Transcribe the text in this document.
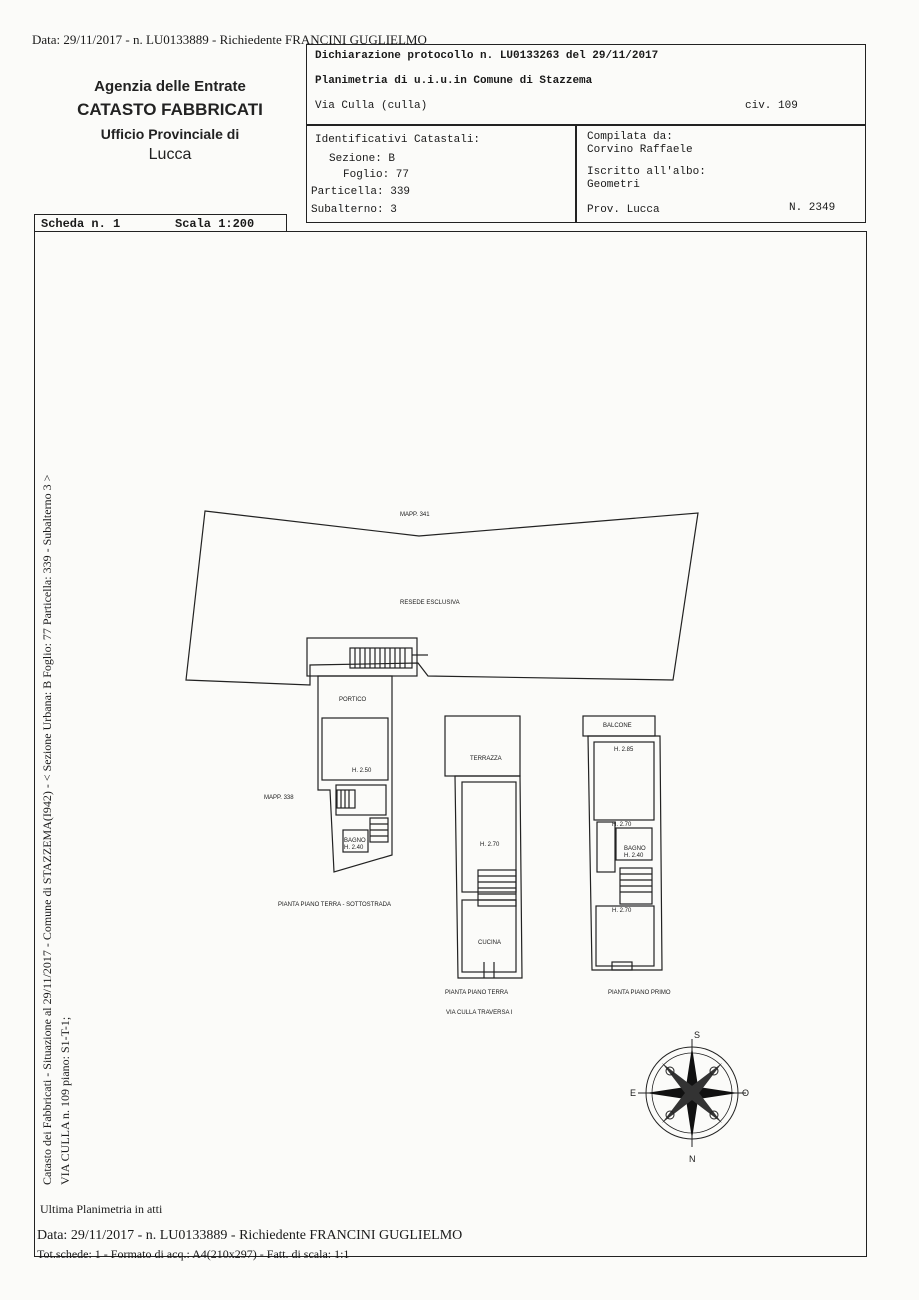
Data: 29/11/2017 - n. LU0133889 - Richiedente FRANCINI GUGLIELMO
Agenzia delle Entrate
CATASTO FABBRICATI
Ufficio Provinciale di
Lucca
Dichiarazione protocollo n. LU0133263 del 29/11/2017
Planimetria di u.i.u.in Comune di Stazzema
Via Culla (culla)	civ. 109
Identificativi Catastali:
Sezione: B
Foglio: 77
Particella: 339
Subalterno: 3
Compilata da:
Corvino Raffaele
Iscritto all'albo:
Geometri
Prov. Lucca	N. 2349
Scheda n. 1	Scala 1:200
Catasto dei Fabbricati - Situazione al 29/11/2017 - Comune di STAZZEMA(I942) - < Sezione Urbana: B Foglio: 77 Particella: 339 - Subalterno 3 > VIA CULLA n. 109 piano: S1-T-1;
MAPP. 341
RESEDE ESCLUSIVA
MAPP. 338
PORTICO
H. 2.50
BAGNO
H. 2.40
PIANTA PIANO TERRA - SOTTOSTRADA
TERRAZZA
H. 2.70
CUCINA
PIANTA PIANO TERRA
VIA CULLA TRAVERSA I
BALCONE
H. 2.85
H. 2.70
BAGNO
H. 2.40
H. 2.70
PIANTA PIANO PRIMO
S
N
E	O
Ultima Planimetria in atti
Data: 29/11/2017 - n. LU0133889 - Richiedente FRANCINI GUGLIELMO
Tot.schede: 1 - Formato di acq.: A4(210x297) - Fatt. di scala: 1:1
